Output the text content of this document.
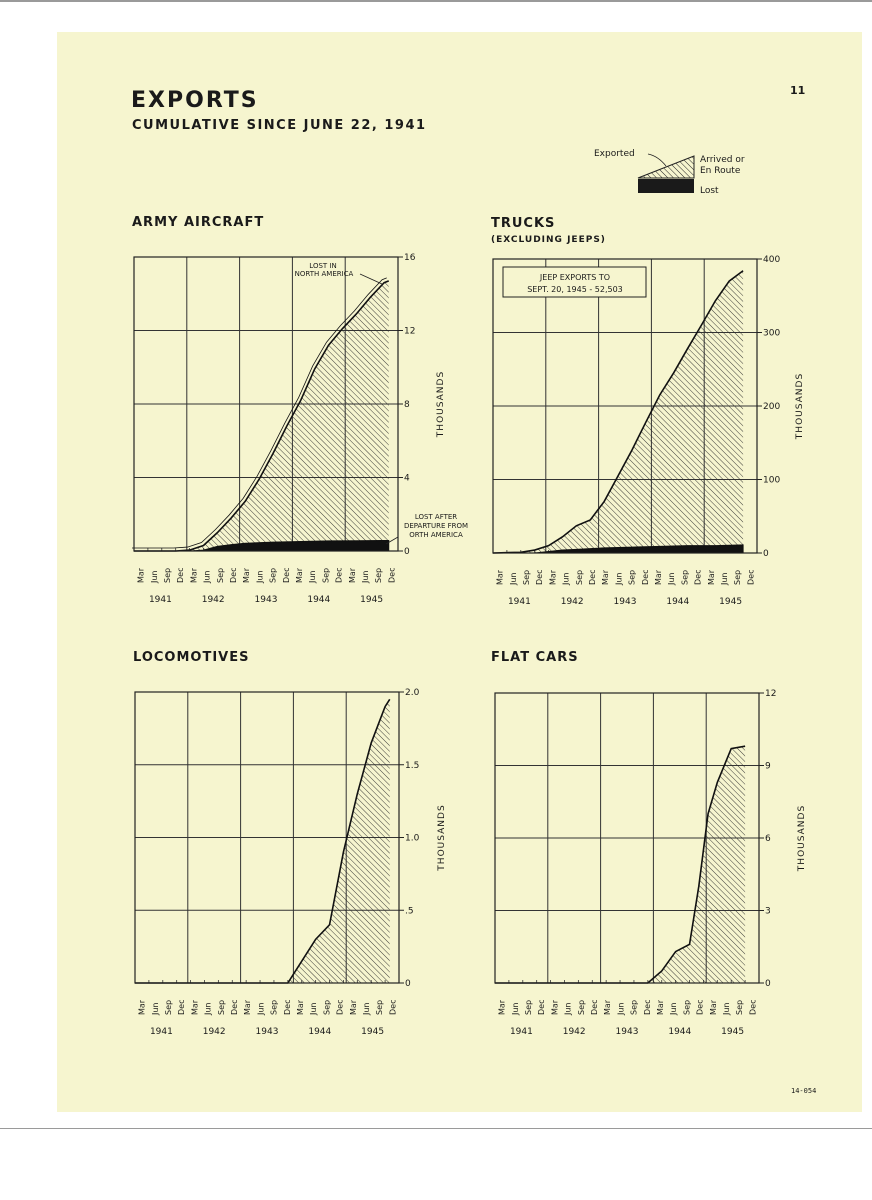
EXPORTS
CUMULATIVE SINCE JUNE 22, 1941
11
14-054
Exported
Arrived or
En Route
Lost
ARMY AIRCRAFT	TRUCKS
(EXCLUDING JEEPS)
LOCOMOTIVES	FLAT CARS
0
4
8
12
16
Mar Jun Sep Dec Mar Jun Sep Dec Mar Jun Sep Dec Mar Jun Sep Dec Mar Jun Sep Dec
1941	1942	1943	1944	1945
THOUSANDS
0
100
200
300
400
Mar Jun Sep Dec Mar Jun Sep Dec Mar Jun Sep Dec Mar Jun Sep Dec Mar Jun Sep Dec
1941	1942	1943	1944	1945
THOUSANDS
0
.5
1.0
1.5
2.0
Mar Jun Sep Dec Mar Jun Sep Dec Mar Jun Sep Dec Mar Jun Sep Dec Mar Jun Sep Dec
1941	1942	1943	1944	1945
THOUSANDS
0
3
6
9
12
Mar Jun Sep Dec Mar Jun Sep Dec Mar Jun Sep Dec Mar Jun Sep Dec Mar Jun Sep Dec
1941	1942	1943	1944	1945
THOUSANDS
LOST IN
NORTH AMERICA
LOST AFTER
DEPARTURE FROM
ORTH AMERICA
JEEP EXPORTS TO
SEPT. 20, 1945 - 52,503
